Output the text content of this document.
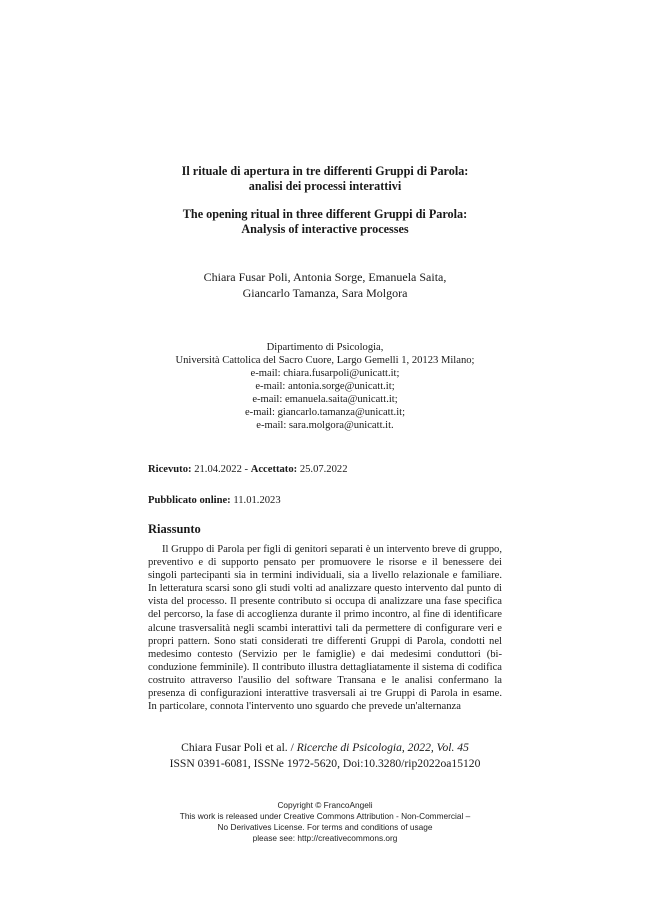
Il rituale di apertura in tre differenti Gruppi di Parola:
analisi dei processi interattivi
The opening ritual in three different Gruppi di Parola:
Analysis of interactive processes
Chiara Fusar Poli, Antonia Sorge, Emanuela Saita,
Giancarlo Tamanza, Sara Molgora
Dipartimento di Psicologia,
Università Cattolica del Sacro Cuore, Largo Gemelli 1, 20123 Milano;
e-mail: chiara.fusarpoli@unicatt.it;
e-mail: antonia.sorge@unicatt.it;
e-mail: emanuela.saita@unicatt.it;
e-mail: giancarlo.tamanza@unicatt.it;
e-mail: sara.molgora@unicatt.it.
Ricevuto: 21.04.2022 - Accettato: 25.07.2022
Pubblicato online: 11.01.2023
Riassunto
Il Gruppo di Parola per figli di genitori separati è un intervento breve di gruppo, preventivo e di supporto pensato per promuovere le risorse e il benessere dei singoli partecipanti sia in termini individuali, sia a livello relazionale e familiare. In letteratura scarsi sono gli studi volti ad analizzare questo intervento dal punto di vista del processo. Il presente contributo si occupa di analizzare una fase specifica del percorso, la fase di accoglienza durante il primo incontro, al fine di identificare alcune trasversalità negli scambi interattivi tali da permettere di configurare veri e propri pattern. Sono stati considerati tre differenti Gruppi di Parola, condotti nel medesimo contesto (Servizio per le famiglie) e dai medesimi conduttori (bi-conduzione femminile). Il contributo illustra dettagliatamente il sistema di codifica costruito attraverso l'ausilio del software Transana e le analisi confermano la presenza di configurazioni interattive trasversali ai tre Gruppi di Parola in esame. In particolare, connota l'intervento uno sguardo che prevede un'alternanza
Chiara Fusar Poli et al. / Ricerche di Psicologia, 2022, Vol. 45
ISSN 0391-6081, ISSNe 1972-5620, Doi:10.3280/rip2022oa15120
Copyright © FrancoAngeli
This work is released under Creative Commons Attribution - Non-Commercial –
No Derivatives License. For terms and conditions of usage
please see: http://creativecommons.org
